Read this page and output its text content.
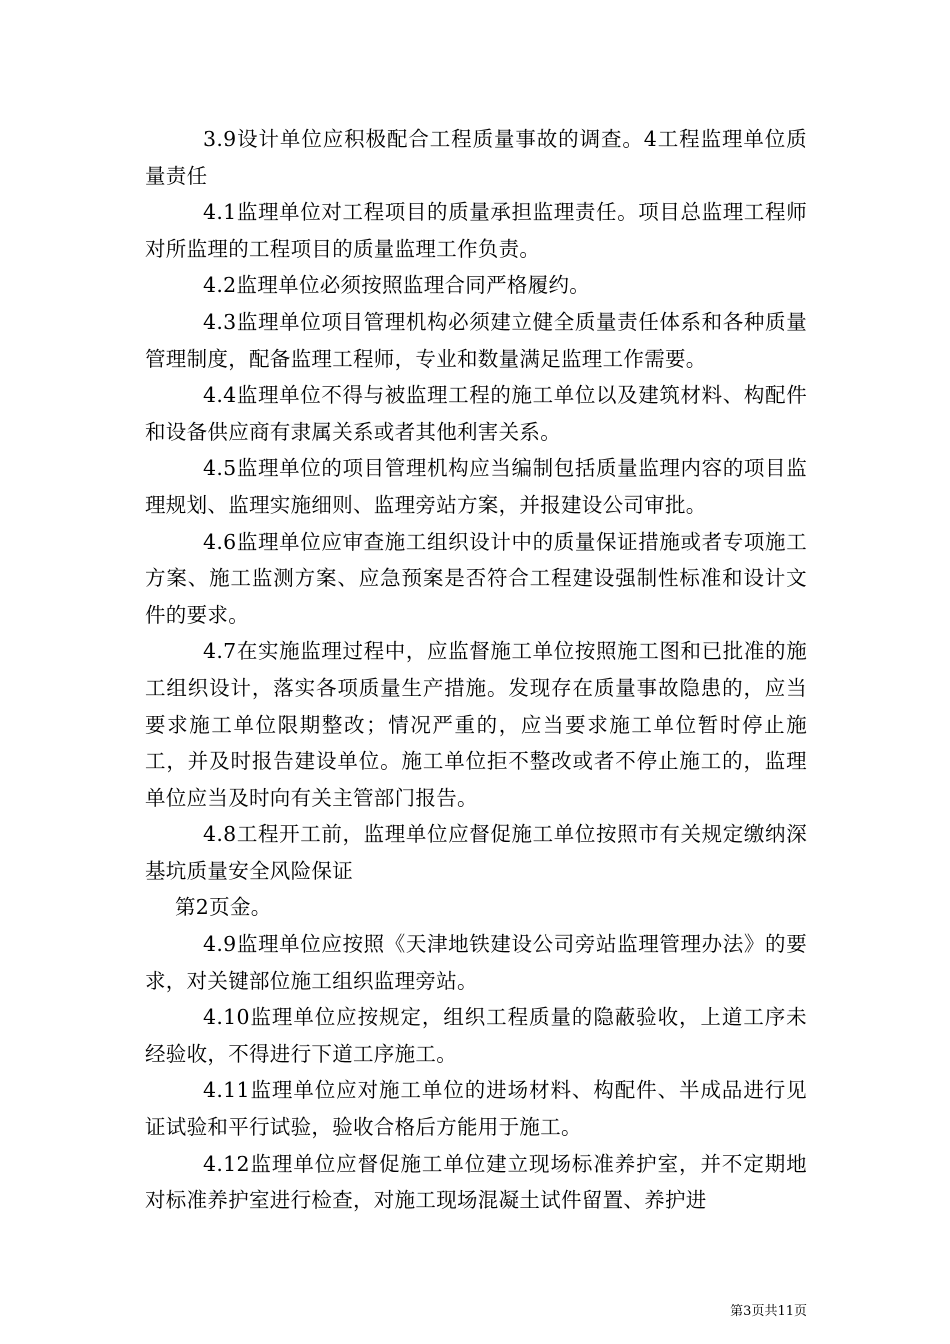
3.9设计单位应积极配合工程质量事故的调查。4工程监理单位质量责任

4.1监理单位对工程项目的质量承担监理责任。项目总监理工程师对所监理的工程项目的质量监理工作负责。

4.2监理单位必须按照监理合同严格履约。

4.3监理单位项目管理机构必须建立健全质量责任体系和各种质量管理制度，配备监理工程师，专业和数量满足监理工作需要。

4.4监理单位不得与被监理工程的施工单位以及建筑材料、构配件和设备供应商有隶属关系或者其他利害关系。

4.5监理单位的项目管理机构应当编制包括质量监理内容的项目监理规划、监理实施细则、监理旁站方案，并报建设公司审批。

4.6监理单位应审查施工组织设计中的质量保证措施或者专项施工方案、施工监测方案、应急预案是否符合工程建设强制性标准和设计文件的要求。

4.7在实施监理过程中，应监督施工单位按照施工图和已批准的施工组织设计，落实各项质量生产措施。发现存在质量事故隐患的，应当要求施工单位限期整改；情况严重的，应当要求施工单位暂时停止施工，并及时报告建设单位。施工单位拒不整改或者不停止施工的，监理单位应当及时向有关主管部门报告。

4.8工程开工前，监理单位应督促施工单位按照市有关规定缴纳深基坑质量安全风险保证

第2页金。

4.9监理单位应按照《天津地铁建设公司旁站监理管理办法》的要求，对关键部位施工组织监理旁站。

4.10监理单位应按规定，组织工程质量的隐蔽验收，上道工序未经验收，不得进行下道工序施工。

4.11监理单位应对施工单位的进场材料、构配件、半成品进行见证试验和平行试验，验收合格后方能用于施工。

4.12监理单位应督促施工单位建立现场标准养护室，并不定期地对标准养护室进行检查，对施工现场混凝土试件留置、养护进

第3页共11页
